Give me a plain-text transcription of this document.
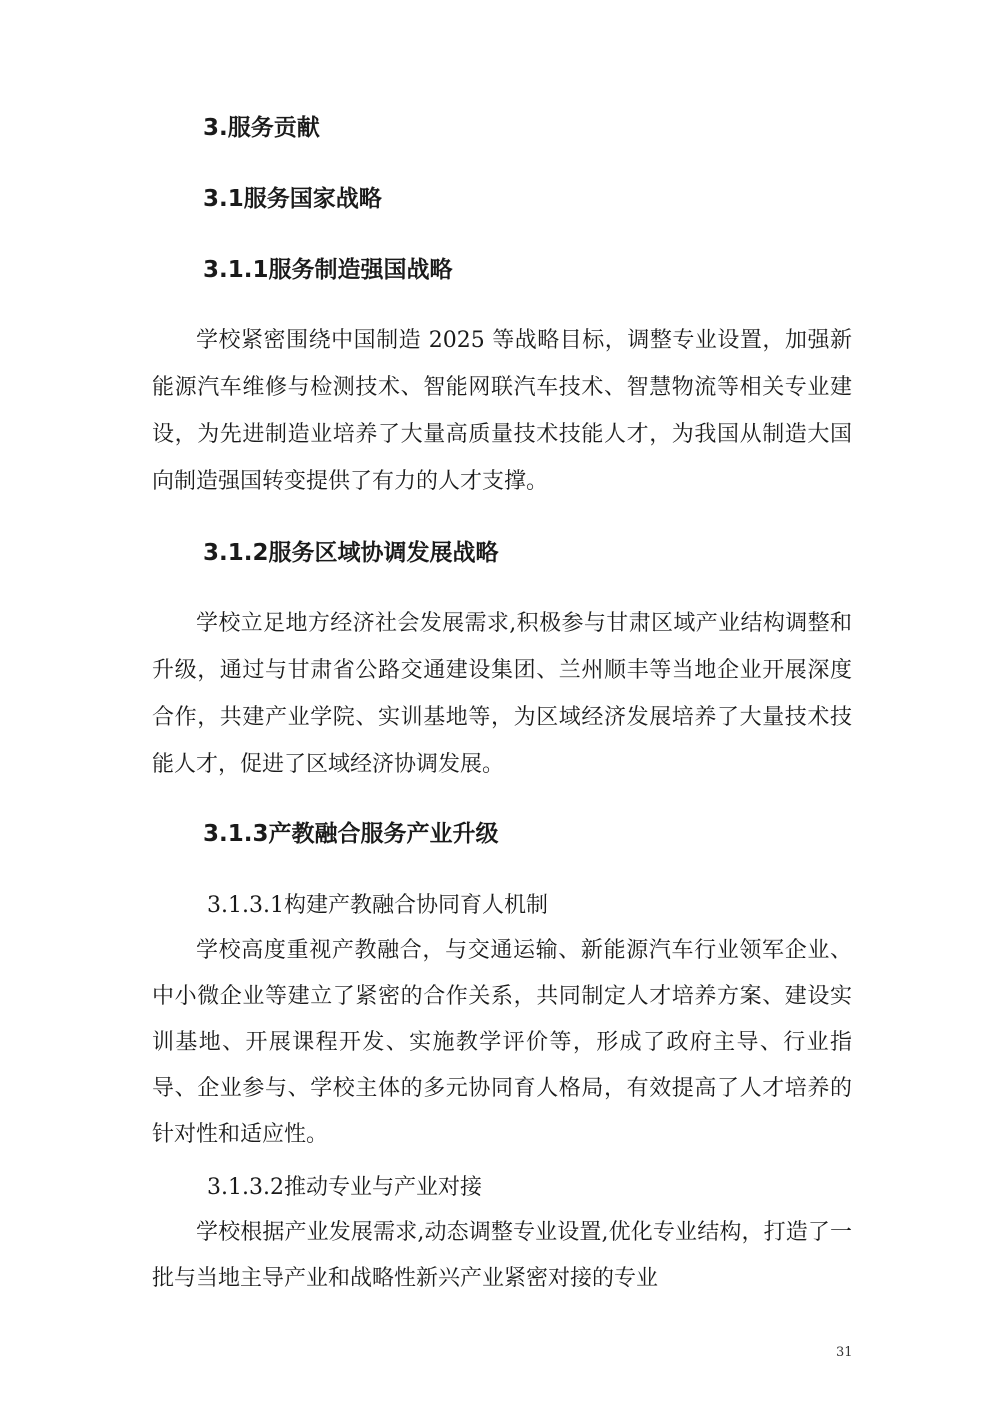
3.服务贡献
3.1服务国家战略
3.1.1服务制造强国战略
学校紧密围绕中国制造 2025 等战略目标，调整专业设置，加强新能源汽车维修与检测技术、智能网联汽车技术、智慧物流等相关专业建设，为先进制造业培养了大量高质量技术技能人才，为我国从制造大国向制造强国转变提供了有力的人才支撑。
3.1.2服务区域协调发展战略
学校立足地方经济社会发展需求,积极参与甘肃区域产业结构调整和升级，通过与甘肃省公路交通建设集团、兰州顺丰等当地企业开展深度合作，共建产业学院、实训基地等，为区域经济发展培养了大量技术技能人才，促进了区域经济协调发展。
3.1.3产教融合服务产业升级
3.1.3.1构建产教融合协同育人机制
学校高度重视产教融合，与交通运输、新能源汽车行业领军企业、中小微企业等建立了紧密的合作关系，共同制定人才培养方案、建设实训基地、开展课程开发、实施教学评价等，形成了政府主导、行业指导、企业参与、学校主体的多元协同育人格局，有效提高了人才培养的针对性和适应性。
3.1.3.2推动专业与产业对接
学校根据产业发展需求,动态调整专业设置,优化专业结构，打造了一批与当地主导产业和战略性新兴产业紧密对接的专业
31
